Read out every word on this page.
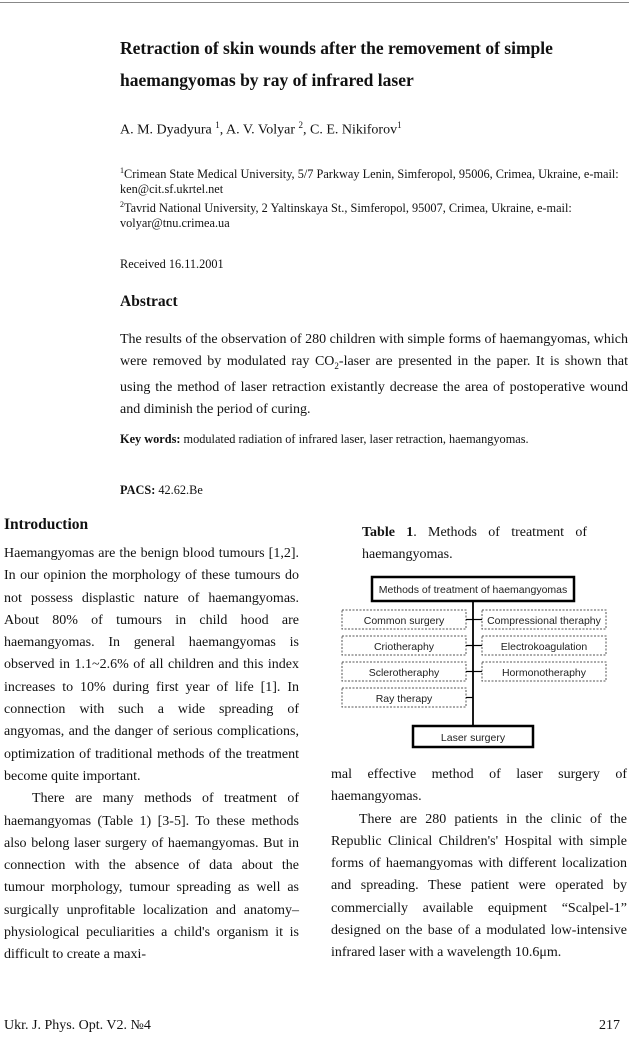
Retraction of skin wounds after the removement of simple haemangyomas by ray of infrared laser
A. M. Dyadyura $^1$, A. V. Volyar $^2$, C. E. Nikiforov$^1$
$^1$Crimean State Medical University, 5/7 Parkway Lenin, Simferopol, 95006, Crimea, Ukraine, e-mail: ken@cit.sf.ukrtel.net
$^2$Tavrid National University, 2 Yaltinskaya St., Simferopol, 95007, Crimea, Ukraine, e-mail: volyar@tnu.crimea.ua
Received 16.11.2001
Abstract
The results of the observation of 280 children with simple forms of haemangyomas, which were removed by modulated ray $CO_2$-laser are presented in the paper. It is shown that using the method of laser retraction existantly decrease the area of postoperative wound and diminish the period of curing.
Key words: modulated radiation of infrared laser, laser retraction, haemangyomas.
PACS: 42.62.Be
Introduction

Haemangyomas are the benign blood tumours [1,2]. In our opinion the morphology of these tumours do not possess displastic nature of haemangyomas. About 80% of tumours in child hood are haemangyomas. In general haemangyomas is observed in 1.1~2.6% of all children and this index increases to 10% during first year of life [1]. In connection with such a wide spreading of angyomas, and the danger of serious complications, optimization of traditional methods of the treatment become quite important.

There are many methods of treatment of haemangyomas (Table 1) [3-5]. To these methods also belong laser surgery of haemangyomas. But in connection with the absence of data about the tumour morphology, tumour spreading as well as surgically unprofitable localization and anatomy–physiological peculiarities a child's organism it is difficult to create a maxi-

Table 1. Methods of treatment of haemangyomas.
Methods of treatment of haemangyomas
Common surgery
Criotheraphy
Sclerotheraphy
Ray therapy
Compressional theraphy
Electrokoagulation
Hormonotheraphy
Laser surgery

mal effective method of laser surgery of haemangyomas.

There are 280 patients in the clinic of the Republic Clinical Children's' Hospital with simple forms of haemangyomas with different localization and spreading. These patient were operated by commercially available equipment “Scalpel-1” designed on the base of a modulated low-intensive infrared laser with a wavelength 10.6μm.

Ukr. J. Phys. Opt. V2. №4	217
